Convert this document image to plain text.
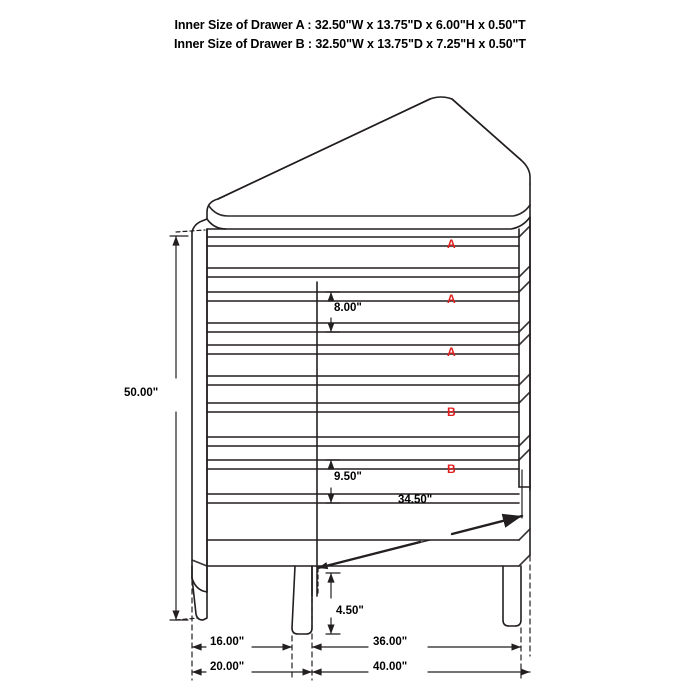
Inner Size of Drawer A : 32.50"W x 13.75"D x 6.00"H x 0.50"T
Inner Size of Drawer B : 32.50"W x 13.75"D x 7.25"H x 0.50"T
A
A
A
B
B
50.00"
8.00"
9.50"
34.50"
4.50"
16.00"	36.00"
20.00"	40.00"
